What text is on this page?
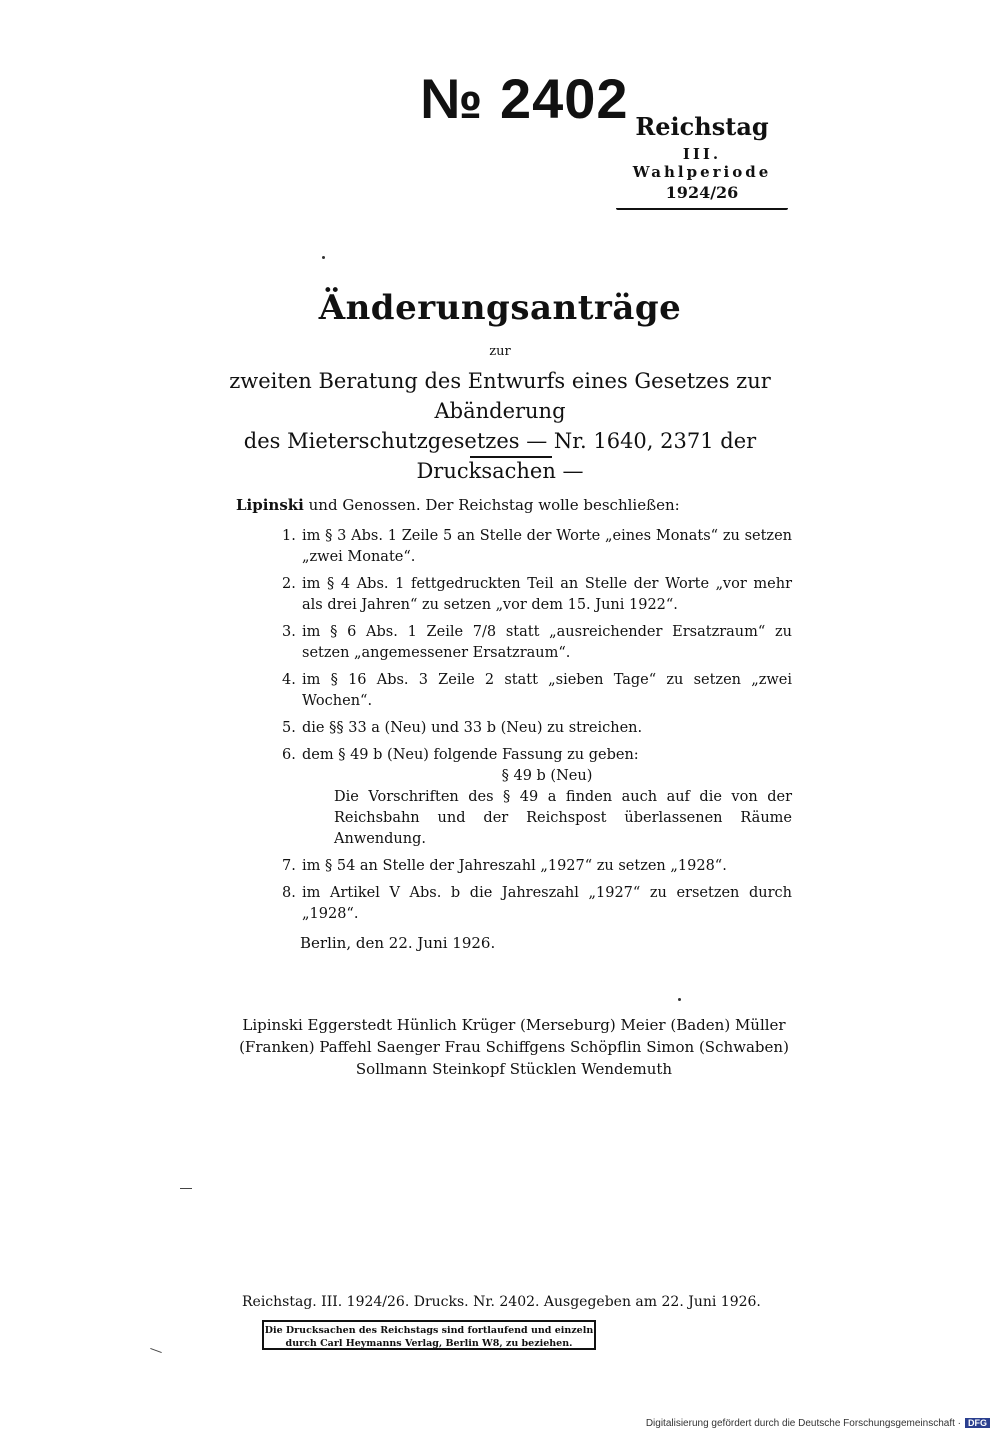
№ 2402 Reichstag
III. Wahlperiode
1924/26
Änderungsanträge
zur
zweiten Beratung des Entwurfs eines Gesetzes zur Abänderung
des Mieterschutzgesetzes — Nr. 1640, 2371 der Drucksachen —
Lipinski und Genossen. Der Reichstag wolle beschließen:
1. im § 3 Abs. 1 Zeile 5 an Stelle der Worte „eines Monats“ zu setzen „zwei Monate“.
2. im § 4 Abs. 1 fettgedruckten Teil an Stelle der Worte „vor mehr als drei Jahren“ zu setzen „vor dem 15. Juni 1922“.
3. im § 6 Abs. 1 Zeile 7/8 statt „ausreichender Ersatzraum“ zu setzen „angemessener Ersatzraum“.
4. im § 16 Abs. 3 Zeile 2 statt „sieben Tage“ zu setzen „zwei Wochen“.
5. die §§ 33 a (Neu) und 33 b (Neu) zu streichen.
6. dem § 49 b (Neu) folgende Fassung zu geben:

§ 49 b (Neu)

Die Vorschriften des § 49 a finden auch auf die von der Reichsbahn und der Reichspost überlassenen Räume Anwendung.

7. im § 54 an Stelle der Jahreszahl „1927“ zu setzen „1928“.
8. im Artikel V Abs. b die Jahreszahl „1927“ zu ersetzen durch „1928“.
Berlin, den 22. Juni 1926.
Lipinski Eggerstedt Hünlich Krüger (Merseburg) Meier (Baden) Müller
(Franken) Paffehl Saenger Frau Schiffgens Schöpflin Simon (Schwaben)
Sollmann Steinkopf Stücklen Wendemuth
Reichstag. III. 1924/26. Drucks. Nr. 2402. Ausgegeben am 22. Juni 1926.
Die Drucksachen des Reichstags sind fortlaufend und einzeln
durch Carl Heymanns Verlag, Berlin W8, zu beziehen.
Digitalisierung gefördert durch die Deutsche Forschungsgemeinschaft · DFG
